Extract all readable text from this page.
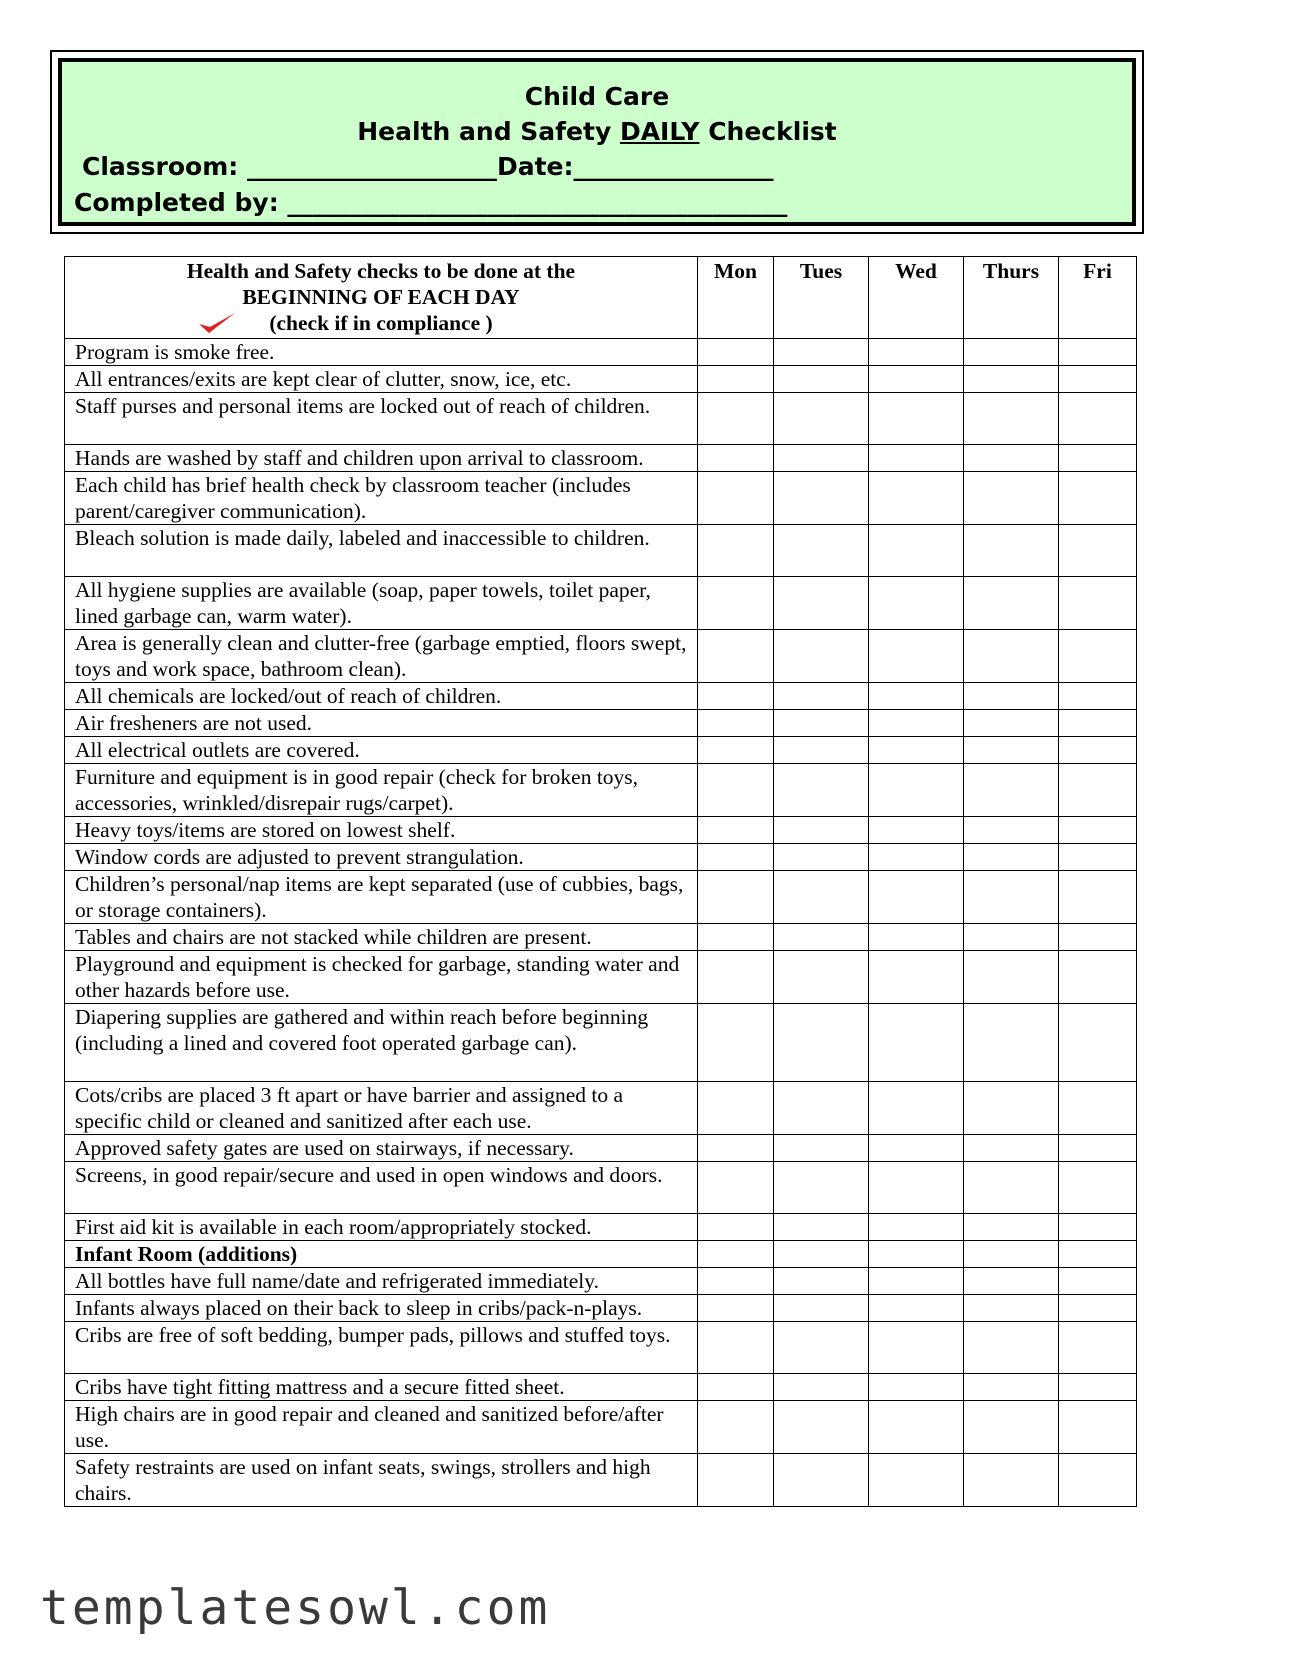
Child Care
Health and Safety DAILY Checklist
Classroom: ____________________Date:________________
Completed by: ________________________________________
Health and Safety checks to be done at the
BEGINNING OF EACH DAY
(check if in compliance )	Mon	Tues	Wed	Thurs	Fri
Program is smoke free.					
All entrances/exits are kept clear of clutter, snow, ice, etc.					
Staff purses and personal items are locked out of reach of children.					
Hands are washed by staff and children upon arrival to classroom.					
Each child has brief health check by classroom teacher (includes parent/caregiver communication).					
Bleach solution is made daily, labeled and inaccessible to children.					
All hygiene supplies are available (soap, paper towels, toilet paper, lined garbage can, warm water).					
Area is generally clean and clutter-free (garbage emptied, floors swept, toys and work space, bathroom clean).					
All chemicals are locked/out of reach of children.					
Air fresheners are not used.					
All electrical outlets are covered.					
Furniture and equipment is in good repair (check for broken toys, accessories, wrinkled/disrepair rugs/carpet).					
Heavy toys/items are stored on lowest shelf.					
Window cords are adjusted to prevent strangulation.					
Children’s personal/nap items are kept separated (use of cubbies, bags, or storage containers).					
Tables and chairs are not stacked while children are present.					
Playground and equipment is checked for garbage, standing water and other hazards before use.					
Diapering supplies are gathered and within reach before beginning (including a lined and covered foot operated garbage can).					
Cots/cribs are placed 3 ft apart or have barrier and assigned to a specific child or cleaned and sanitized after each use.					
Approved safety gates are used on stairways, if necessary.					
Screens, in good repair/secure and used in open windows and doors.					
First aid kit is available in each room/appropriately stocked.					
Infant Room (additions)					
All bottles have full name/date and refrigerated immediately.					
Infants always placed on their back to sleep in cribs/pack-n-plays.					
Cribs are free of soft bedding, bumper pads, pillows and stuffed toys.					
Cribs have tight fitting mattress and a secure fitted sheet.					
High chairs are in good repair and cleaned and sanitized before/after use.					
Safety restraints are used on infant seats, swings, strollers and high chairs.					
templatesowl.com
